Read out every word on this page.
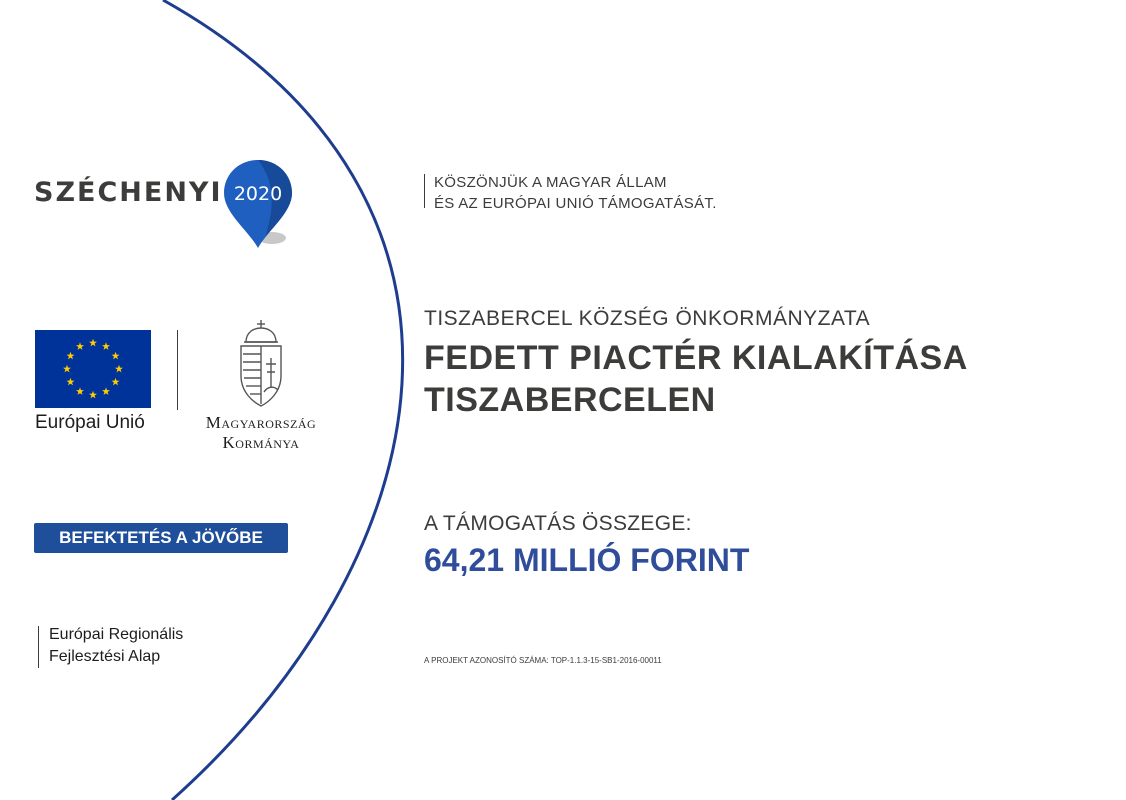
SZÉCHENYI 2020
Európai Unió	Magyarország
Kormánya
BEFEKTETÉS A JÖVŐBE
Európai Regionális
Fejlesztési Alap
KÖSZÖNJÜK A MAGYAR ÁLLAM
ÉS AZ EURÓPAI UNIÓ TÁMOGATÁSÁT.
TISZABERCEL KÖZSÉG ÖNKORMÁNYZATA
FEDETT PIACTÉR KIALAKÍTÁSA
TISZABERCELEN
A TÁMOGATÁS ÖSSZEGE:
64,21 MILLIÓ FORINT
A PROJEKT AZONOSÍTÓ SZÁMA: TOP-1.1.3-15-SB1-2016-00011
